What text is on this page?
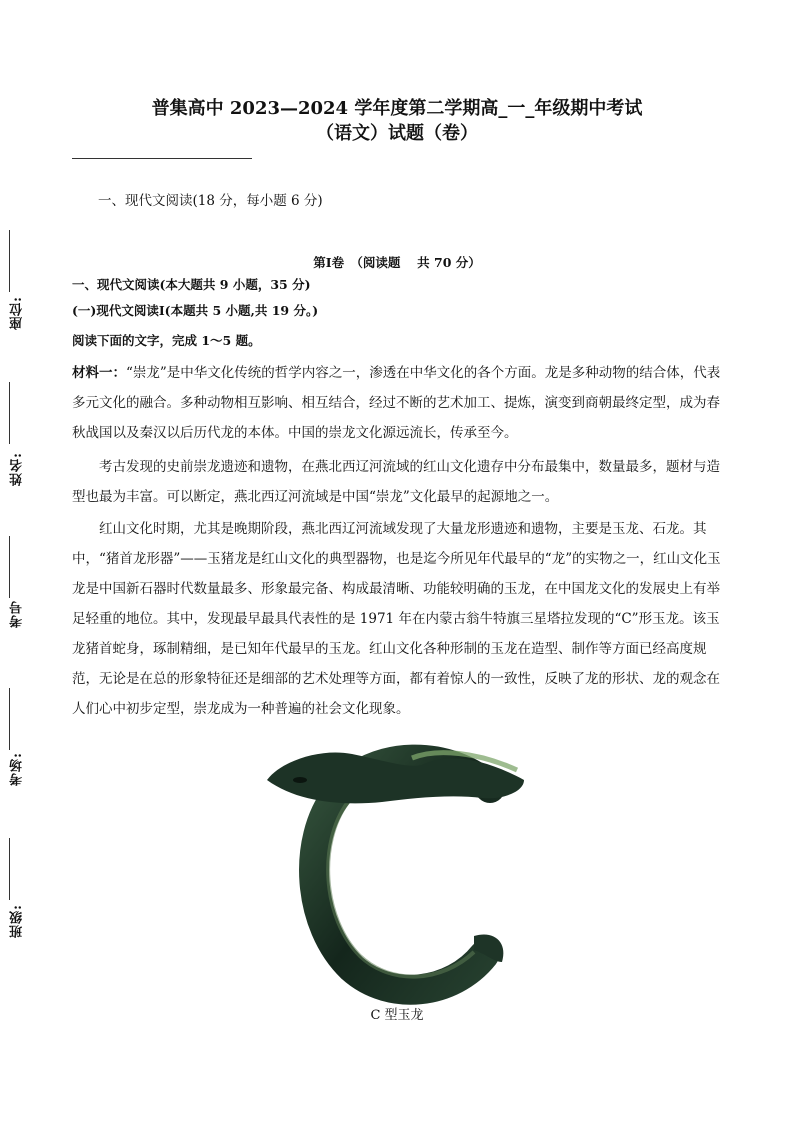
普集高中 2023—2024 学年度第二学期高_一_年级期中考试
（语文）试题（卷）
座位:
姓名:
考号
考场:
班级:
一、现代文阅读(18 分，每小题 6 分)
第Ⅰ卷　（阅读题　 共 70 分）
一、现代文阅读(本大题共 9 小题，35 分)
(一)现代文阅读Ⅰ(本题共 5 小题,共 19 分。)
阅读下面的文字，完成 1～5 题。
材料一：“崇龙”是中华文化传统的哲学内容之一，渗透在中华文化的各个方面。龙是多种动物的结合体，代表多元文化的融合。多种动物相互影响、相互结合，经过不断的艺术加工、提炼，演变到商朝最终定型，成为春秋战国以及秦汉以后历代龙的本体。中国的崇龙文化源远流长，传承至今。
考古发现的史前崇龙遗迹和遗物，在燕北西辽河流域的红山文化遗存中分布最集中，数量最多，题材与造型也最为丰富。可以断定，燕北西辽河流域是中国“崇龙”文化最早的起源地之一。
红山文化时期，尤其是晚期阶段，燕北西辽河流域发现了大量龙形遗迹和遗物，主要是玉龙、石龙。其中，“猪首龙形器”——玉猪龙是红山文化的典型器物，也是迄今所见年代最早的“龙”的实物之一，红山文化玉龙是中国新石器时代数量最多、形象最完备、构成最清晰、功能较明确的玉龙，在中国龙文化的发展史上有举足轻重的地位。其中，发现最早最具代表性的是 1971 年在内蒙古翁牛特旗三星塔拉发现的“C”形玉龙。该玉龙猪首蛇身，琢制精细，是已知年代最早的玉龙。红山文化各种形制的玉龙在造型、制作等方面已经高度规范，无论是在总的形象特征还是细部的艺术处理等方面，都有着惊人的一致性，反映了龙的形状、龙的观念在人们心中初步定型，崇龙成为一种普遍的社会文化现象。
C 型玉龙
